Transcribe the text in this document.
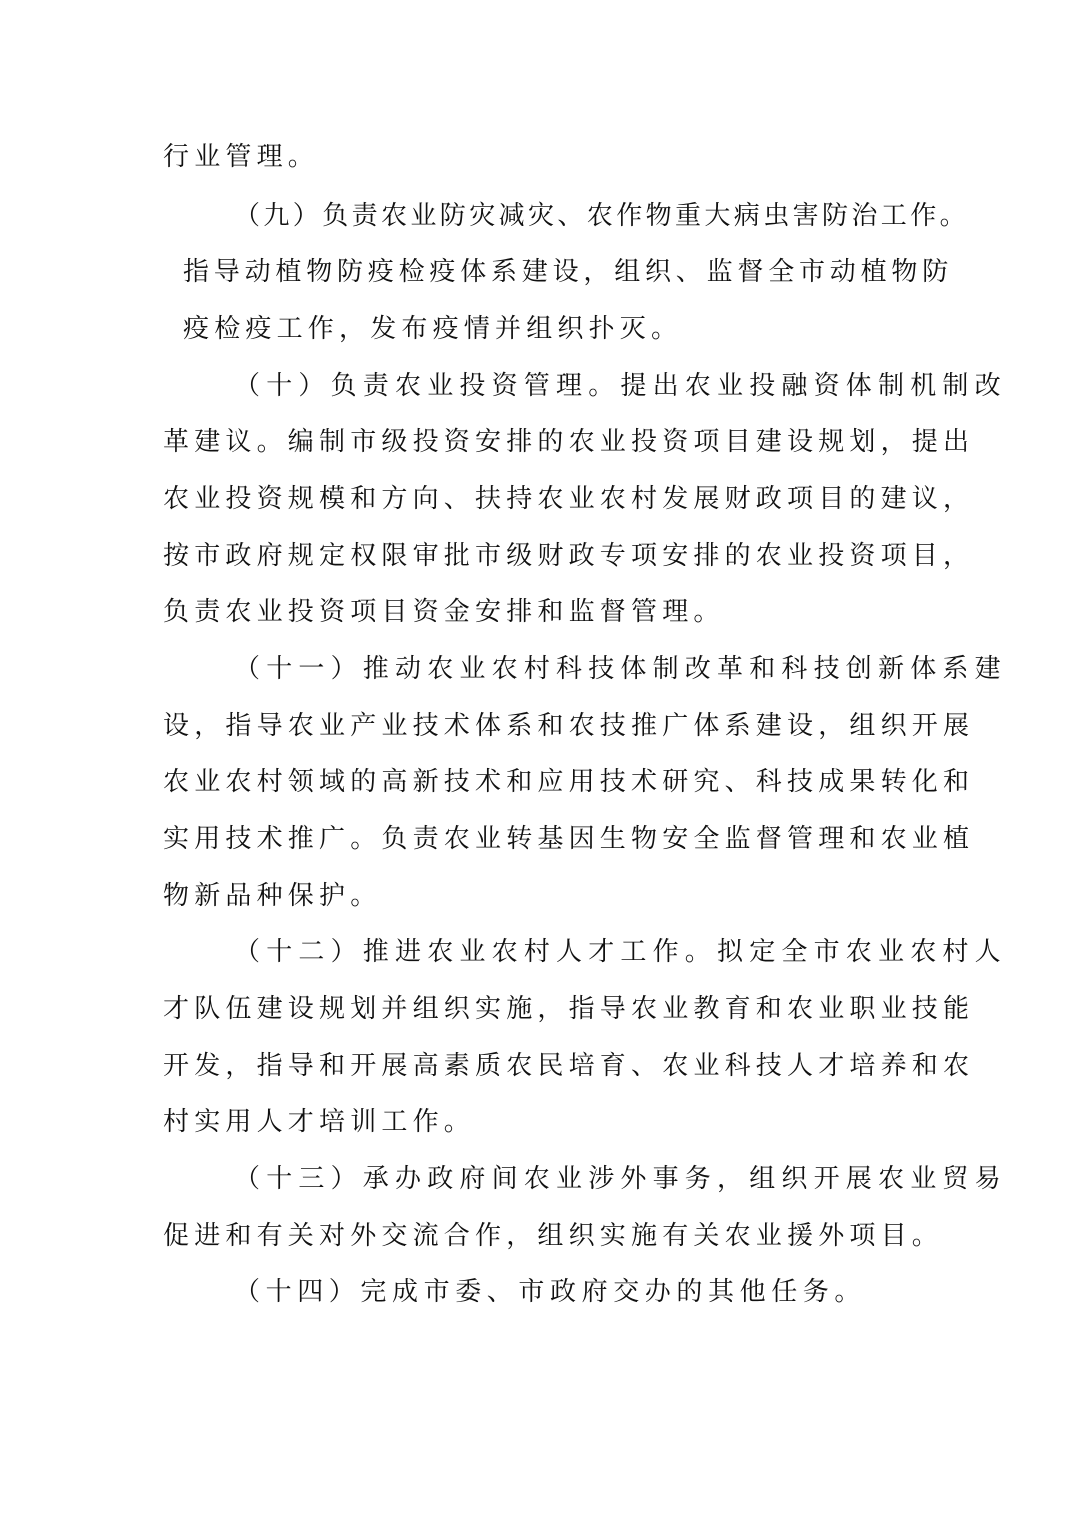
行业管理。
（九）负责农业防灾减灾、农作物重大病虫害防治工作。
指导动植物防疫检疫体系建设，组织、监督全市动植物防
疫检疫工作，发布疫情并组织扑灭。
（十）负责农业投资管理。提出农业投融资体制机制改
革建议。编制市级投资安排的农业投资项目建设规划，提出
农业投资规模和方向、扶持农业农村发展财政项目的建议，
按市政府规定权限审批市级财政专项安排的农业投资项目，
负责农业投资项目资金安排和监督管理。
（十一）推动农业农村科技体制改革和科技创新体系建
设，指导农业产业技术体系和农技推广体系建设，组织开展
农业农村领域的高新技术和应用技术研究、科技成果转化和
实用技术推广。负责农业转基因生物安全监督管理和农业植
物新品种保护。
（十二）推进农业农村人才工作。拟定全市农业农村人
才队伍建设规划并组织实施，指导农业教育和农业职业技能
开发，指导和开展高素质农民培育、农业科技人才培养和农
村实用人才培训工作。
（十三）承办政府间农业涉外事务，组织开展农业贸易
促进和有关对外交流合作，组织实施有关农业援外项目。
（十四）完成市委、市政府交办的其他任务。
